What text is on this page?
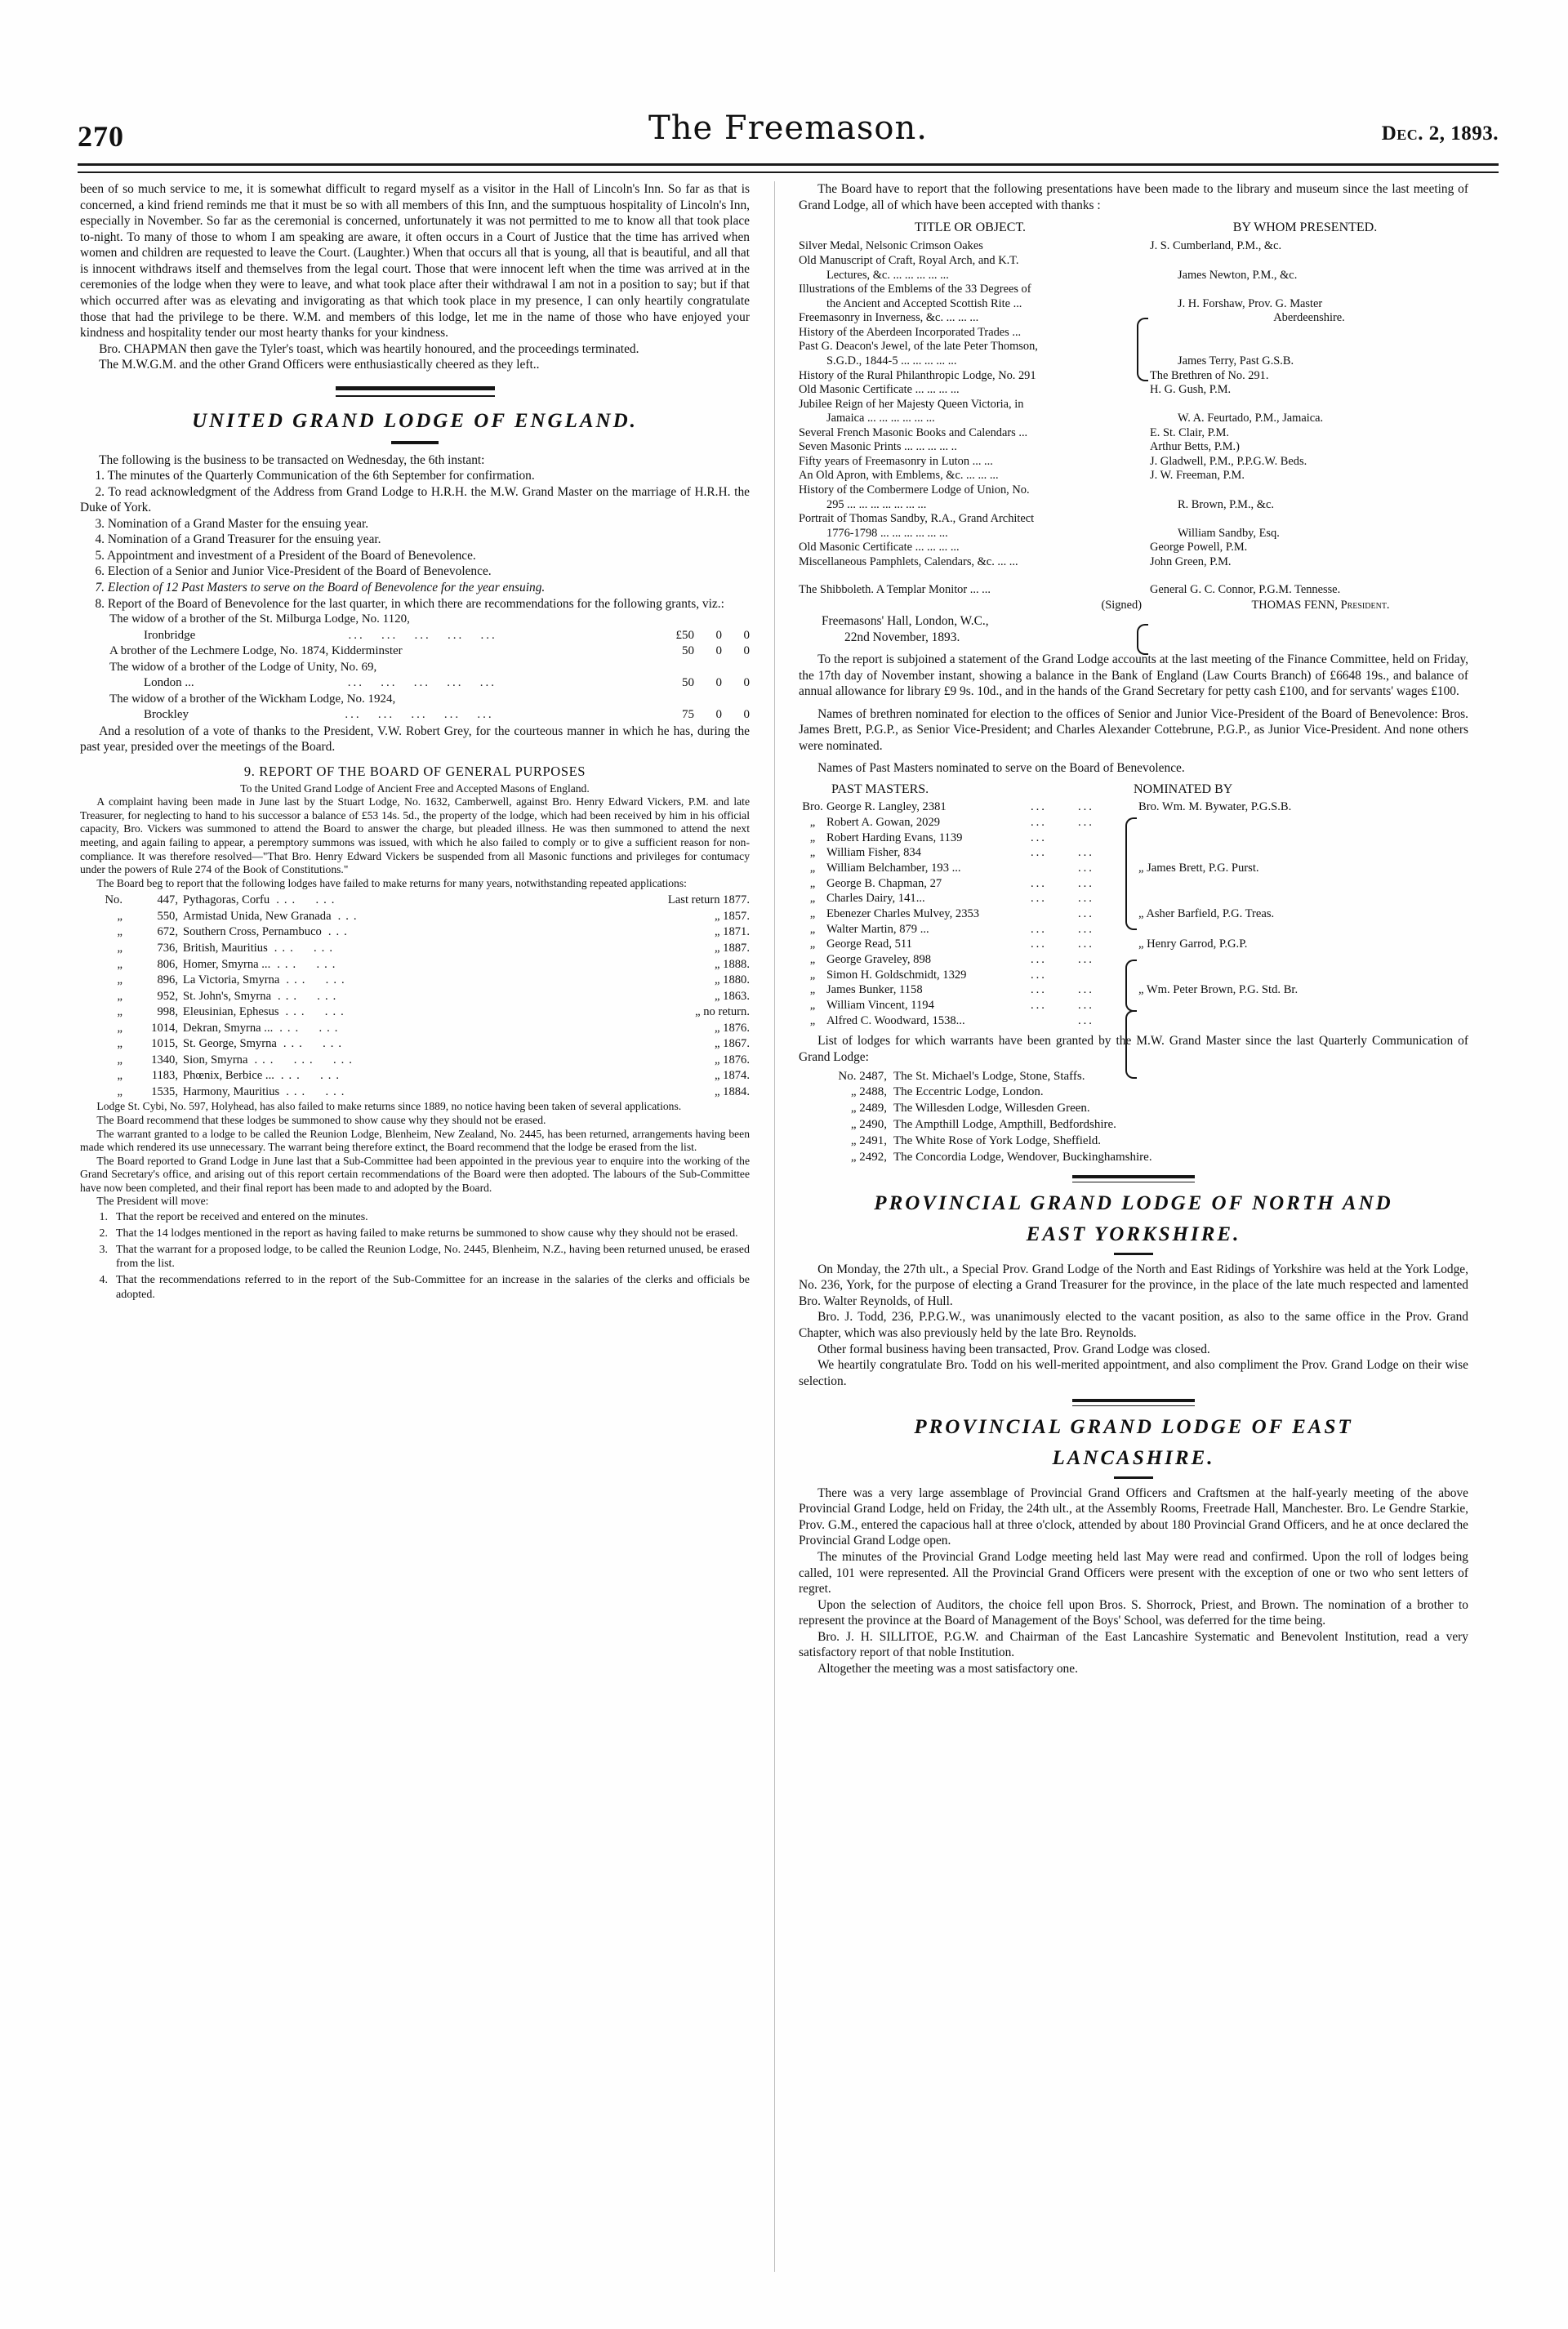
270	The Freemason.	Dec. 2, 1893.

been of so much service to me, it is somewhat difficult to regard myself as a visitor in the Hall of Lincoln's Inn. So far as that is concerned, a kind friend reminds me that it must be so with all members of this Inn, and the sumptuous hospitality of Lincoln's Inn, especially in November. So far as the ceremonial is concerned, unfortunately it was not permitted to me to know all that took place to-night. To many of those to whom I am speaking are aware, it often occurs in a Court of Justice that the time has arrived when women and children are requested to leave the Court. (Laughter.) When that occurs all that is young, all that is beautiful, and all that is innocent withdraws itself and themselves from the legal court. Those that were innocent left when the time was arrived at in the ceremonies of the lodge when they were to leave, and what took place after their withdrawal I am not in a position to say; but if that which occurred after was as elevating and invigorating as that which took place in my presence, I can only heartily congratulate those that had the privilege to be there. W.M. and members of this lodge, let me in the name of those who have enjoyed your kindness and hospitality tender our most hearty thanks for your kindness.

Bro. CHAPMAN then gave the Tyler's toast, which was heartily honoured, and the proceedings terminated.

The M.W.G.M. and the other Grand Officers were enthusiastically cheered as they left..

UNITED GRAND LODGE OF ENGLAND.

The following is the business to be transacted on Wednesday, the 6th instant:

1. The minutes of the Quarterly Communication of the 6th September for confirmation.

2. To read acknowledgment of the Address from Grand Lodge to H.R.H. the M.W. Grand Master on the marriage of H.R.H. the Duke of York.

3. Nomination of a Grand Master for the ensuing year.

4. Nomination of a Grand Treasurer for the ensuing year.

5. Appointment and investment of a President of the Board of Benevolence.

6. Election of a Senior and Junior Vice-President of the Board of Benevolence.

7. Election of 12 Past Masters to serve on the Board of Benevolence for the year ensuing.

8. Report of the Board of Benevolence for the last quarter, in which there are recommendations for the following grants, viz.:

The widow of a brother of the St. Milburga Lodge, No. 1120,
Ironbridge	...   ...   ...   ...   ...	£50	0	0
A brother of the Lechmere Lodge, No. 1874, Kidderminster	50	0	0
The widow of a brother of the Lodge of Unity, No. 69,
London ...	...   ...   ...   ...   ...	50	0	0
The widow of a brother of the Wickham Lodge, No. 1924,
Brockley	...   ...   ...   ...   ...	75	0	0

And a resolution of a vote of thanks to the President, V.W. Robert Grey, for the courteous manner in which he has, during the past year, presided over the meetings of the Board.

9. REPORT OF THE BOARD OF GENERAL PURPOSES

To the United Grand Lodge of Ancient Free and Accepted Masons of England.

A complaint having been made in June last by the Stuart Lodge, No. 1632, Camberwell, against Bro. Henry Edward Vickers, P.M. and late Treasurer, for neglecting to hand to his successor a balance of £53 14s. 5d., the property of the lodge, which had been received by him in his official capacity, Bro. Vickers was summoned to attend the Board to answer the charge, but pleaded illness. He was then summoned to attend the next meeting, and again failing to appear, a peremptory summons was issued, with which he also failed to comply or to give a sufficient reason for non-compliance. It was therefore resolved—"That Bro. Henry Edward Vickers be suspended from all Masonic functions and privileges for contumacy under the powers of Rule 274 of the Book of Constitutions."

The Board beg to report that the following lodges have failed to make returns for many years, notwithstanding repeated applications:

No.	447, Pythagoras, Corfu ...  ...	Last return 1877.
„	550, Armistad Unida, New Granada ...	„ 1857.
„	672, Southern Cross, Pernambuco ...	„ 1871.
„	736, British, Mauritius ...  ...	„ 1887.
„	806, Homer, Smyrna ... ...  ...	„ 1888.
„	896, La Victoria, Smyrna ...  ...	„ 1880.
„	952, St. John's, Smyrna ...  ...	„ 1863.
„	998, Eleusinian, Ephesus ...  ...	„ no return.
„	1014, Dekran, Smyrna ... ...  ...	„ 1876.
„	1015, St. George, Smyrna ...  ...	„ 1867.
„	1340, Sion, Smyrna ...  ...  ...	„ 1876.
„	1183, Phœnix, Berbice ... ...  ...	„ 1874.
„	1535, Harmony, Mauritius ...  ...	„ 1884.

Lodge St. Cybi, No. 597, Holyhead, has also failed to make returns since 1889, no notice having been taken of several applications.

The Board recommend that these lodges be summoned to show cause why they should not be erased.

The warrant granted to a lodge to be called the Reunion Lodge, Blenheim, New Zealand, No. 2445, has been returned, arrangements having been made which rendered its use unnecessary. The warrant being therefore extinct, the Board recommend that the lodge be erased from the list.

The Board reported to Grand Lodge in June last that a Sub-Committee had been appointed in the previous year to enquire into the working of the Grand Secretary's office, and arising out of this report certain recommendations of the Board were then adopted. The labours of the Sub-Committee have now been completed, and their final report has been made to and adopted by the Board.

The President will move:

1. That the report be received and entered on the minutes.
2. That the 14 lodges mentioned in the report as having failed to make returns be summoned to show cause why they should not be erased.
3. That the warrant for a proposed lodge, to be called the Reunion Lodge, No. 2445, Blenheim, N.Z., having been returned unused, be erased from the list.
4. That the recommendations referred to in the report of the Sub-Committee for an increase in the salaries of the clerks and officials be adopted.

The Board have to report that the following presentations have been made to the library and museum since the last meeting of Grand Lodge, all of which have been accepted with thanks :

TITLE OR OBJECT.	BY WHOM PRESENTED.
Silver Medal, Nelsonic Crimson Oakes	J. S. Cumberland, P.M., &c.
Old Manuscript of Craft, Royal Arch, and K.T.
Lectures, &c. ... ... ... ... ...	James Newton, P.M., &c.
Illustrations of the Emblems of the 33 Degrees of
the Ancient and Accepted Scottish Rite ...	J. H. Forshaw, Prov. G. Master
Freemasonry in Inverness, &c. ... ... ...	Aberdeenshire.
History of the Aberdeen Incorporated Trades ...
Past G. Deacon's Jewel, of the late Peter Thomson,
S.G.D., 1844-5 ... ... ... ... ...	James Terry, Past G.S.B.
History of the Rural Philanthropic Lodge, No. 291	The Brethren of No. 291.
Old Masonic Certificate ... ... ... ...	H. G. Gush, P.M.
Jubilee Reign of her Majesty Queen Victoria, in
Jamaica ... ... ... ... ... ...	W. A. Feurtado, P.M., Jamaica.
Several French Masonic Books and Calendars ...	E. St. Clair, P.M.
Seven Masonic Prints ... ... ... ... ..	Arthur Betts, P.M.)
Fifty years of Freemasonry in Luton ... ...	J. Gladwell, P.M., P.P.G.W. Beds.
An Old Apron, with Emblems, &c. ... ... ...	J. W. Freeman, P.M.
History of the Combermere Lodge of Union, No.
295 ... ... ... ... ... ... ...	R. Brown, P.M., &c.
Portrait of Thomas Sandby, R.A., Grand Architect
1776-1798 ... ... ... ... ... ...	William Sandby, Esq.
Old Masonic Certificate ... ... ... ...	George Powell, P.M.
Miscellaneous Pamphlets, Calendars, &c. ... ...	John Green, P.M.
The Shibboleth. A Templar Monitor ... ...	General G. C. Connor, P.G.M. Tennesse.
(Signed)	THOMAS FENN, President.

Freemasons' Hall, London, W.C.,

22nd November, 1893.

To the report is subjoined a statement of the Grand Lodge accounts at the last meeting of the Finance Committee, held on Friday, the 17th day of November instant, showing a balance in the Bank of England (Law Courts Branch) of £6648 19s., and balance of annual allowance for library £9 9s. 10d., and in the hands of the Grand Secretary for petty cash £100, and for servants' wages £100.

Names of brethren nominated for election to the offices of Senior and Junior Vice-President of the Board of Benevolence: Bros. James Brett, P.G.P., as Senior Vice-President; and Charles Alexander Cottebrune, P.G.P., as Junior Vice-President. And none others were nominated.

Names of Past Masters nominated to serve on the Board of Benevolence.

PAST MASTERS.	NOMINATED BY
Bro. George R. Langley, 2381	...	...	Bro. Wm. M. Bywater, P.G.S.B.
„ Robert A. Gowan, 2029	...	...
„ Robert Harding Evans, 1139	...
„ William Fisher, 834	...	...
„ William Belchamber, 193 ...	...	„ James Brett, P.G. Purst.
„ George B. Chapman, 27	...	...
„ Charles Dairy, 141...	...	...
„ Ebenezer Charles Mulvey, 2353	...	„ Asher Barfield, P.G. Treas.
„ Walter Martin, 879 ...	...	...
„ George Read, 511	...	...	„ Henry Garrod, P.G.P.
„ George Graveley, 898	...	...
„ Simon H. Goldschmidt, 1329	...
„ James Bunker, 1158	...	...	„ Wm. Peter Brown, P.G. Std. Br.
„ William Vincent, 1194	...	...
„ Alfred C. Woodward, 1538...	...

List of lodges for which warrants have been granted by the M.W. Grand Master since the last Quarterly Communication of Grand Lodge:

No. 2487, The St. Michael's Lodge, Stone, Staffs.
„ 2488, The Eccentric Lodge, London.
„ 2489, The Willesden Lodge, Willesden Green.
„ 2490, The Ampthill Lodge, Ampthill, Bedfordshire.
„ 2491, The White Rose of York Lodge, Sheffield.
„ 2492, The Concordia Lodge, Wendover, Buckinghamshire.
PROVINCIAL GRAND LODGE OF NORTH AND
EAST YORKSHIRE.

On Monday, the 27th ult., a Special Prov. Grand Lodge of the North and East Ridings of Yorkshire was held at the York Lodge, No. 236, York, for the purpose of electing a Grand Treasurer for the province, in the place of the late much respected and lamented Bro. Walter Reynolds, of Hull.

Bro. J. Todd, 236, P.P.G.W., was unanimously elected to the vacant position, as also to the same office in the Prov. Grand Chapter, which was also previously held by the late Bro. Reynolds.

Other formal business having been transacted, Prov. Grand Lodge was closed.

We heartily congratulate Bro. Todd on his well-merited appointment, and also compliment the Prov. Grand Lodge on their wise selection.

PROVINCIAL GRAND LODGE OF EAST
LANCASHIRE.

There was a very large assemblage of Provincial Grand Officers and Craftsmen at the half-yearly meeting of the above Provincial Grand Lodge, held on Friday, the 24th ult., at the Assembly Rooms, Freetrade Hall, Manchester. Bro. Le Gendre Starkie, Prov. G.M., entered the capacious hall at three o'clock, attended by about 180 Provincial Grand Officers, and he at once declared the Provincial Grand Lodge open.

The minutes of the Provincial Grand Lodge meeting held last May were read and confirmed. Upon the roll of lodges being called, 101 were represented. All the Provincial Grand Officers were present with the exception of one or two who sent letters of regret.

Upon the selection of Auditors, the choice fell upon Bros. S. Shorrock, Priest, and Brown. The nomination of a brother to represent the province at the Board of Management of the Boys' School, was deferred for the time being.

Bro. J. H. SILLITOE, P.G.W. and Chairman of the East Lancashire Systematic and Benevolent Institution, read a very satisfactory report of that noble Institution.

Altogether the meeting was a most satisfactory one.
